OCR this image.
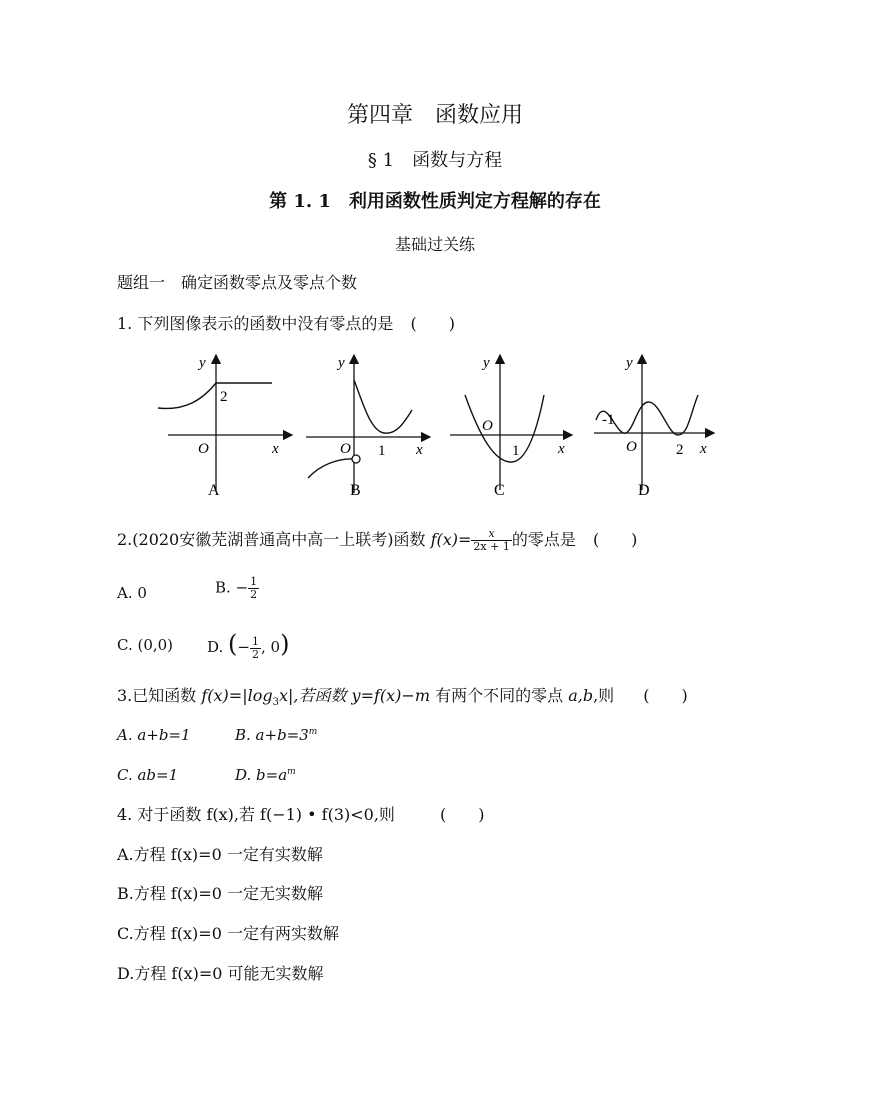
第四章　函数应用
§ 1　函数与方程
第 1. 1　利用函数性质判定方程解的存在
基础过关练
题组一　确定函数零点及零点个数
1. 下列图像表示的函数中没有零点的是 (　　)
y
x
O
2
A
y
x
O 1
B
y
x
O
1
C
y
x
O
-1
2
D
2.(2020安徽芜湖普通高中高一上联考)函数 $f(x)= \frac{x}{2x + 1}$ 的零点是 (　　)
A. 0	B. − $\frac{1}{2}$
C. (0,0) D. (− $\frac{1}{2}$ , 0)
3.已知函数 $f(x)=|\log_3x|$,若函数 y=f(x)−m 有两个不同的零点 a,b,则 (　　)
A. a+b=1	B. $a+b=3^m$
C. ab=1	D. $b=a^m$
4. 对于函数 f(x),若 f(−1) • f(3)<0,则	(　　)
A.方程 f(x)=0 一定有实数解
B.方程 f(x)=0 一定无实数解
C.方程 f(x)=0 一定有两实数解
D.方程 f(x)=0 可能无实数解
